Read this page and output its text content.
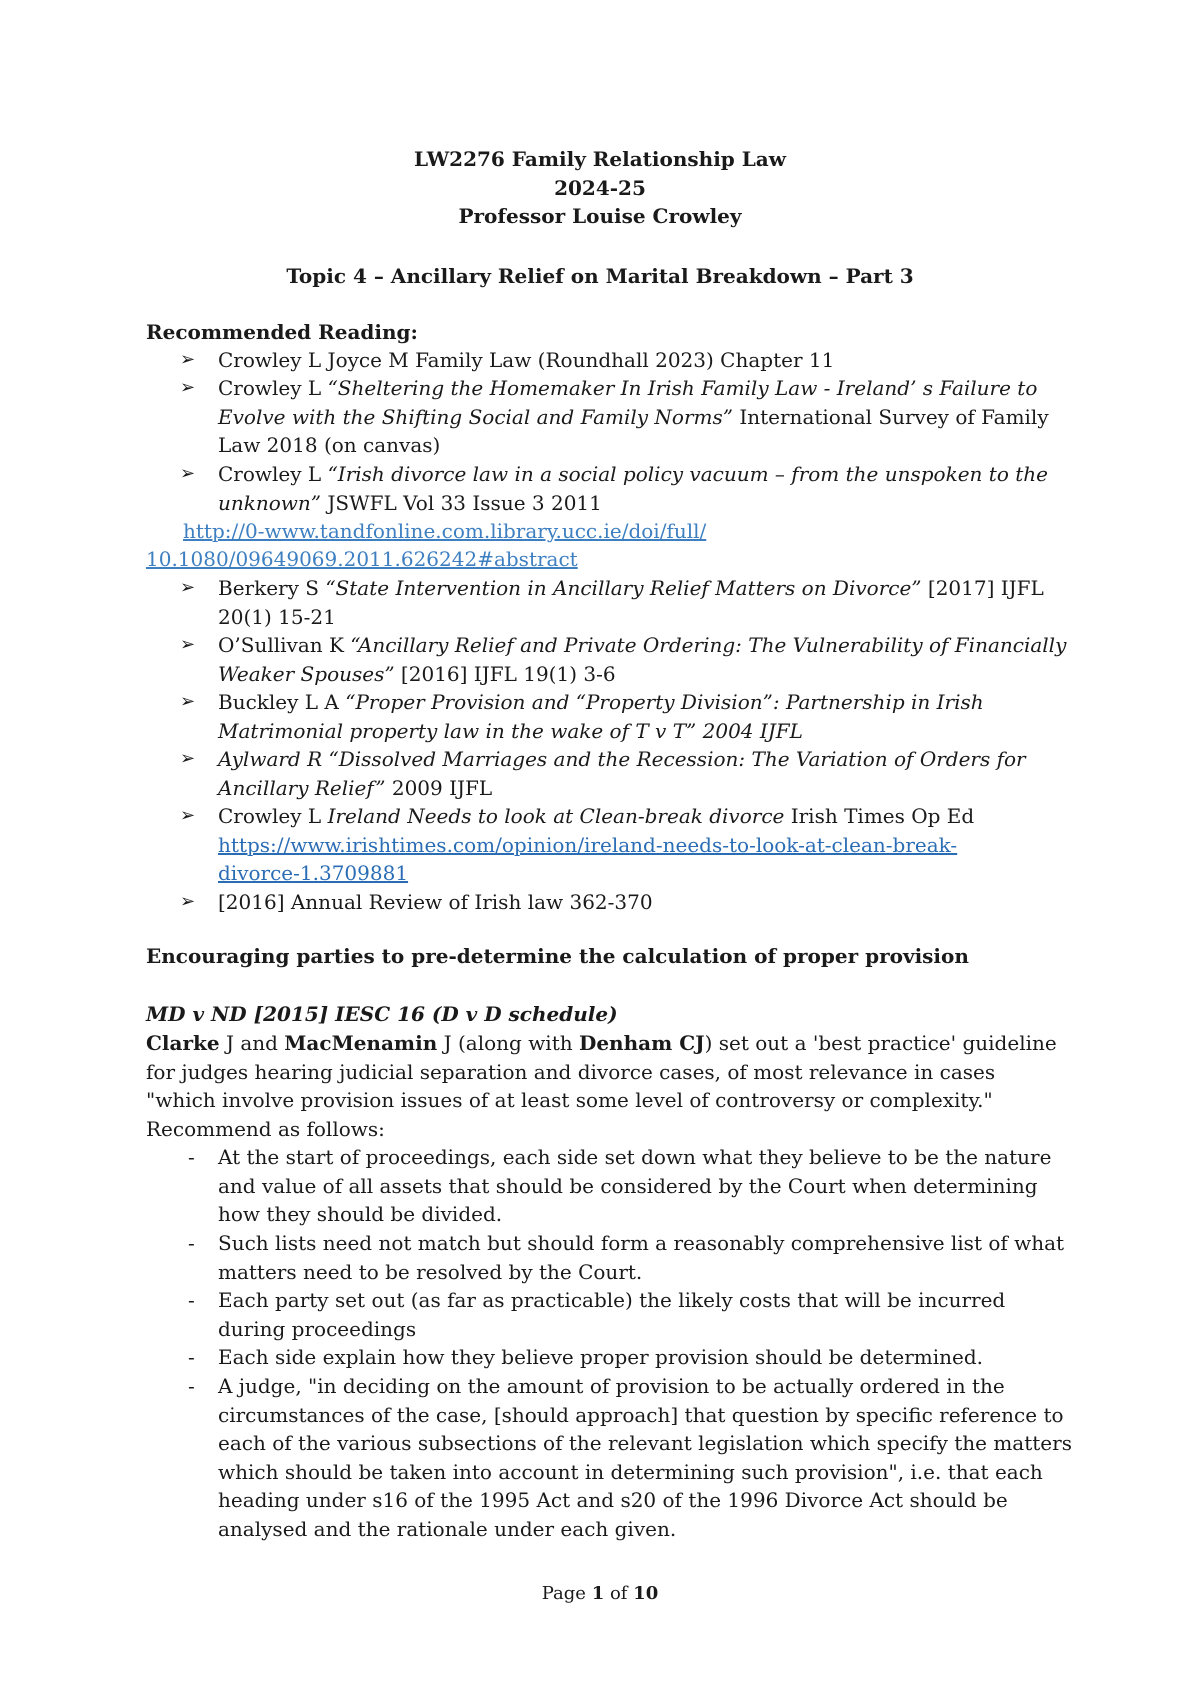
LW2276 Family Relationship Law
2024-25
Professor Louise Crowley
Topic 4 – Ancillary Relief on Marital Breakdown – Part 3
Recommended Reading:
➢ Crowley L Joyce M Family Law (Roundhall 2023) Chapter 11
➢ Crowley L “Sheltering the Homemaker In Irish Family Law - Ireland’ s Failure to Evolve with the Shifting Social and Family Norms” International Survey of Family Law 2018 (on canvas)
➢ Crowley L “Irish divorce law in a social policy vacuum – from the unspoken to the unknown” JSWFL Vol 33 Issue 3 2011
http://0-www.tandfonline.com.library.ucc.ie/doi/full/
10.1080/09649069.2011.626242#abstract
➢ Berkery S “State Intervention in Ancillary Relief Matters on Divorce” [2017] IJFL 20(1) 15-21
➢ O’Sullivan K “Ancillary Relief and Private Ordering: The Vulnerability of Financially Weaker Spouses” [2016] IJFL 19(1) 3-6
➢ Buckley L A “Proper Provision and “Property Division”: Partnership in Irish Matrimonial property law in the wake of T v T” 2004 IJFL
➢ Aylward R “Dissolved Marriages and the Recession: The Variation of Orders for Ancillary Relief” 2009 IJFL
➢ Crowley L Ireland Needs to look at Clean-break divorce Irish Times Op Ed
https://www.irishtimes.com/opinion/ireland-needs-to-look-at-clean-break-
divorce-1.3709881
➢ [2016] Annual Review of Irish law 362-370
Encouraging parties to pre-determine the calculation of proper provision
MD v ND [2015] IESC 16 (D v D schedule)
Clarke J and MacMenamin J (along with Denham CJ) set out a 'best practice' guideline for judges hearing judicial separation and divorce cases, of most relevance in cases "which involve provision issues of at least some level of controversy or complexity." Recommend as follows:
- At the start of proceedings, each side set down what they believe to be the nature and value of all assets that should be considered by the Court when determining how they should be divided.
- Such lists need not match but should form a reasonably comprehensive list of what matters need to be resolved by the Court.
- Each party set out (as far as practicable) the likely costs that will be incurred during proceedings
- Each side explain how they believe proper provision should be determined.
- A judge, "in deciding on the amount of provision to be actually ordered in the circumstances of the case, [should approach] that question by specific reference to each of the various subsections of the relevant legislation which specify the matters which should be taken into account in determining such provision", i.e. that each heading under s16 of the 1995 Act and s20 of the 1996 Divorce Act should be analysed and the rationale under each given.
Page 1 of 10
